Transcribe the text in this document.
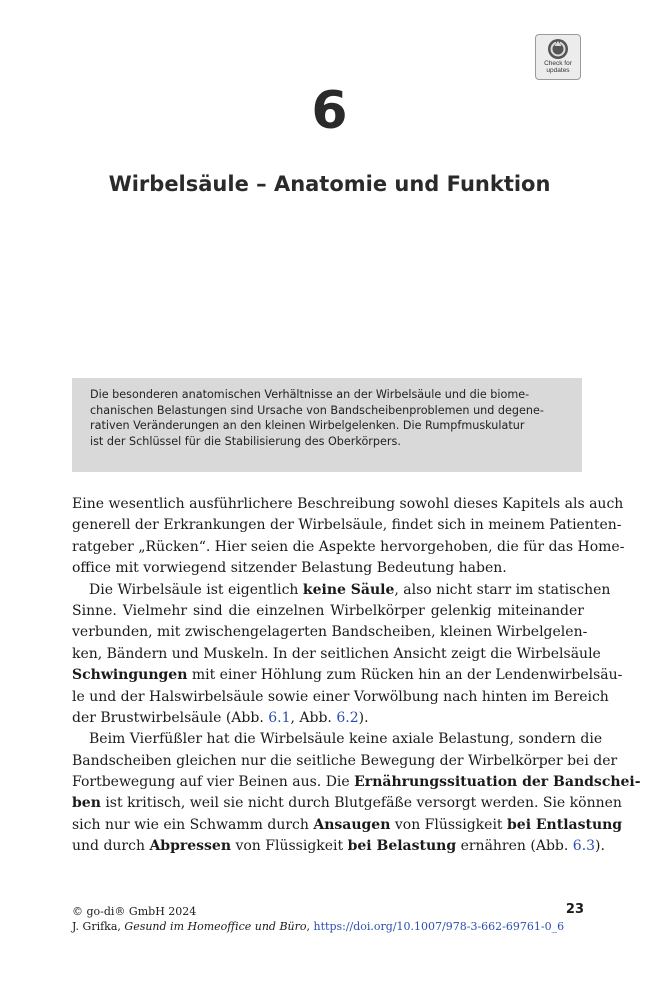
Check for
updates
6
Wirbelsäule – Anatomie und Funktion
Die besonderen anatomischen Verhältnisse an der Wirbelsäule und die biome-
chanischen Belastungen sind Ursache von Bandscheibenproblemen und degene-
rativen Veränderungen an den kleinen Wirbelgelenken. Die Rumpfmuskulatur
ist der Schlüssel für die Stabilisierung des Oberkörpers.
Eine wesentlich ausführlichere Beschreibung sowohl dieses Kapitels als auch
generell der Erkrankungen der Wirbelsäule, findet sich in meinem Patienten-
ratgeber „Rücken“. Hier seien die Aspekte hervorgehoben, die für das Home-
office mit vorwiegend sitzender Belastung Bedeutung haben.
Die Wirbelsäule ist eigentlich keine Säule, also nicht starr im statischen
Sinne. Vielmehr sind die einzelnen Wirbelkörper gelenkig miteinander
verbunden, mit zwischengelagerten Bandscheiben, kleinen Wirbelgelen-
ken, Bändern und Muskeln. In der seitlichen Ansicht zeigt die Wirbelsäule
Schwingungen mit einer Höhlung zum Rücken hin an der Lendenwirbelsäu-
le und der Halswirbelsäule sowie einer Vorwölbung nach hinten im Bereich
der Brustwirbelsäule (Abb. 6.1, Abb. 6.2).
Beim Vierfüßler hat die Wirbelsäule keine axiale Belastung, sondern die
Bandscheiben gleichen nur die seitliche Bewegung der Wirbelkörper bei der
Fortbewegung auf vier Beinen aus. Die Ernährungssituation der Bandschei-
ben ist kritisch, weil sie nicht durch Blutgefäße versorgt werden. Sie können
sich nur wie ein Schwamm durch Ansaugen von Flüssigkeit bei Entlastung
und durch Abpressen von Flüssigkeit bei Belastung ernähren (Abb. 6.3).
© go-di® GmbH 2024
J. Grifka, Gesund im Homeoffice und Büro, https://doi.org/10.1007/978-3-662-69761-0_6
23
